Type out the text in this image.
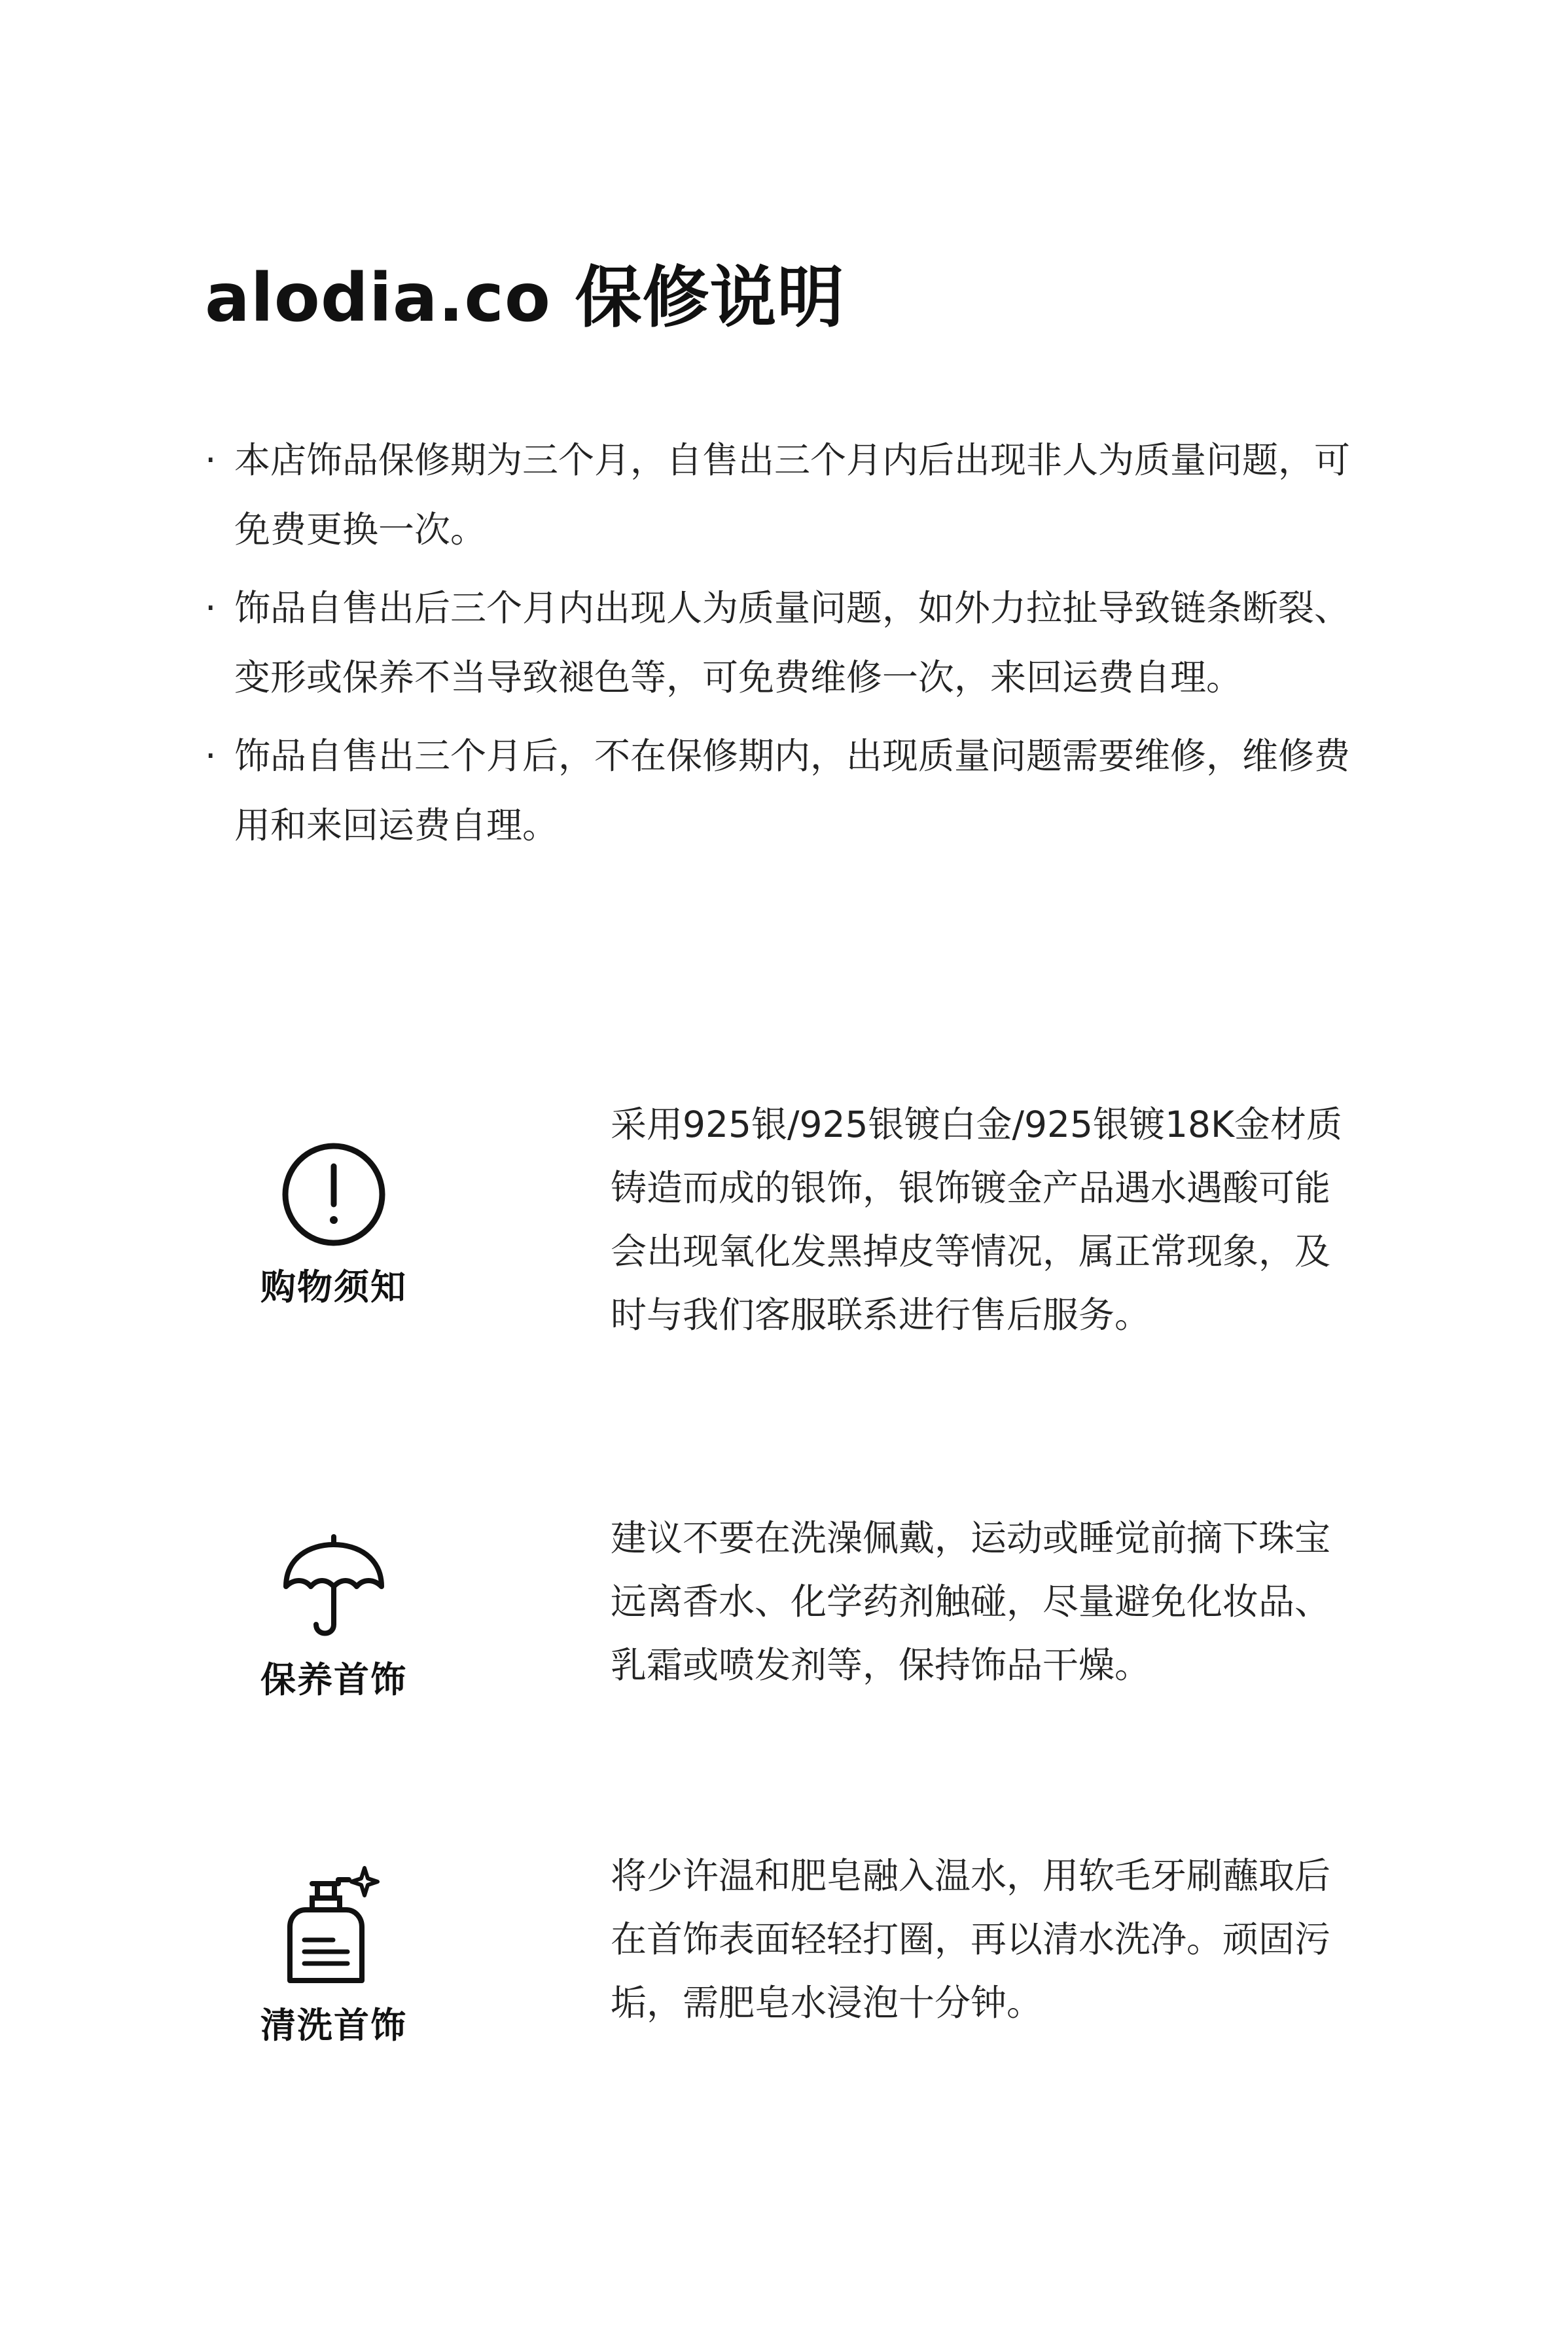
alodia.co 保修说明
· 本店饰品保修期为三个月，自售出三个月内后出现非人为质量问题，可免费更换一次。
· 饰品自售出后三个月内出现人为质量问题，如外力拉扯导致链条断裂、变形或保养不当导致褪色等，可免费维修一次，来回运费自理。
· 饰品自售出三个月后，不在保修期内，出现质量问题需要维修，维修费用和来回运费自理。
购物须知

采用925银/925银镀白金/925银镀18K金材质铸造而成的银饰，银饰镀金产品遇水遇酸可能会出现氧化发黑掉皮等情况，属正常现象，及时与我们客服联系进行售后服务。

保养首饰

建议不要在洗澡佩戴，运动或睡觉前摘下珠宝远离香水、化学药剂触碰，尽量避免化妆品、乳霜或喷发剂等，保持饰品干燥。

清洗首饰

将少许温和肥皂融入温水，用软毛牙刷蘸取后在首饰表面轻轻打圈，再以清水洗净。顽固污垢，需肥皂水浸泡十分钟。
